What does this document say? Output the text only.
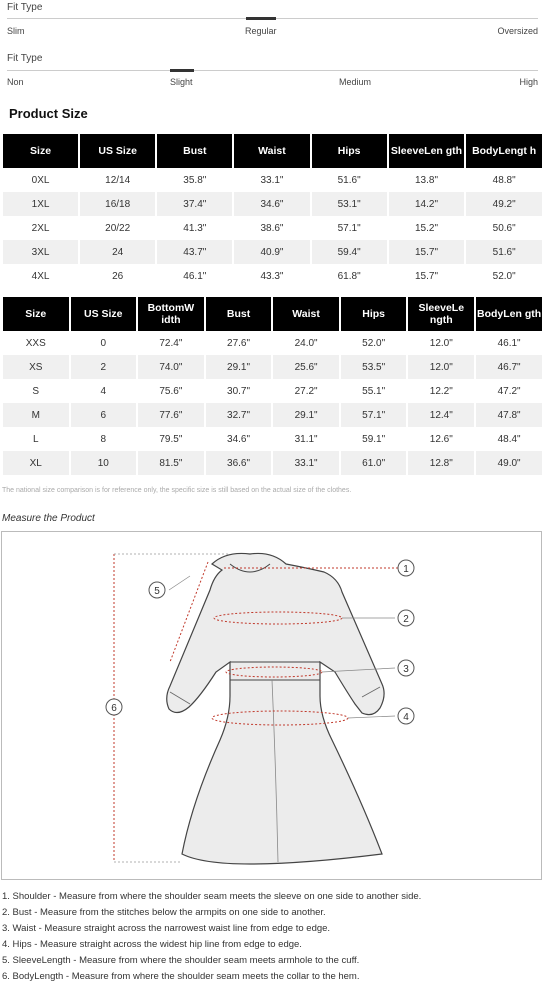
Fit Type
Slim	Regular	Oversized
Fit Type
Non	Slight	Medium	High
Product Size
Size	US Size	Bust	Waist	Hips	SleeveLen gth	BodyLengt h
0XL	12/14	35.8"	33.1"	51.6"	13.8"	48.8"
1XL	16/18	37.4"	34.6"	53.1"	14.2"	49.2"
2XL	20/22	41.3"	38.6"	57.1"	15.2"	50.6"
3XL	24	43.7"	40.9"	59.4"	15.7"	51.6"
4XL	26	46.1"	43.3"	61.8"	15.7"	52.0"
Size	US Size	BottomW idth	Bust	Waist	Hips	SleeveLe ngth	BodyLen gth
XXS	0	72.4"	27.6"	24.0"	52.0"	12.0"	46.1"
XS	2	74.0"	29.1"	25.6"	53.5"	12.0"	46.7"
S	4	75.6"	30.7"	27.2"	55.1"	12.2"	47.2"
M	6	77.6"	32.7"	29.1"	57.1"	12.4"	47.8"
L	8	79.5"	34.6"	31.1"	59.1"	12.6"	48.4"
XL	10	81.5"	36.6"	33.1"	61.0"	12.8"	49.0"
The national size comparison is for reference only, the specific size is still based on the actual size of the clothes.
Measure the Product
1
2
3
4
5
6
1. Shoulder - Measure from where the shoulder seam meets the sleeve on one side to another side.
2. Bust - Measure from the stitches below the armpits on one side to another.
3. Waist - Measure straight across the narrowest waist line from edge to edge.
4. Hips - Measure straight across the widest hip line from edge to edge.
5. SleeveLength - Measure from where the shoulder seam meets armhole to the cuff.
6. BodyLength - Measure from where the shoulder seam meets the collar to the hem.
